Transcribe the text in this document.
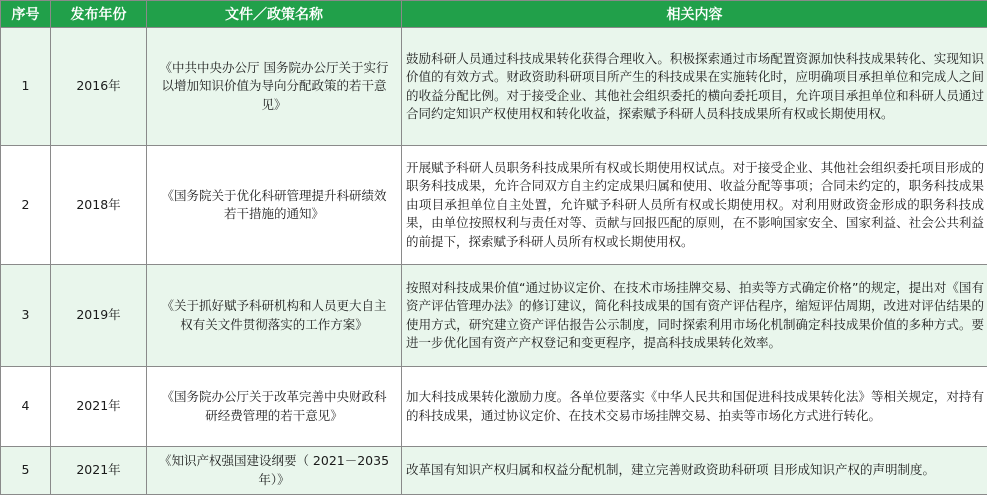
序号	发布年份	文件／政策名称	相关内容
1	2016年	《中共中央办公厅 国务院办公厅关于实行以增加知识价值为导向分配政策的若干意见》	鼓励科研人员通过科技成果转化获得合理收入。积极探索通过市场配置资源加快科技成果转化、实现知识价值的有效方式。财政资助科研项目所产生的科技成果在实施转化时，应明确项目承担单位和完成人之间的收益分配比例。对于接受企业、其他社会组织委托的横向委托项目，允许项目承担单位和科研人员通过合同约定知识产权使用权和转化收益，探索赋予科研人员科技成果所有权或长期使用权。
2	2018年	《国务院关于优化科研管理提升科研绩效若干措施的通知》	开展赋予科研人员职务科技成果所有权或长期使用权试点。对于接受企业、其他社会组织委托项目形成的职务科技成果，允许合同双方自主约定成果归属和使用、收益分配等事项；合同未约定的，职务科技成果由项目承担单位自主处置，允许赋予科研人员所有权或长期使用权。对利用财政资金形成的职务科技成果，由单位按照权利与责任对等、贡献与回报匹配的原则，在不影响国家安全、国家利益、社会公共利益的前提下，探索赋予科研人员所有权或长期使用权。
3	2019年	《关于抓好赋予科研机构和人员更大自主权有关文件贯彻落实的工作方案》	按照对科技成果价值“通过协议定价、在技术市场挂牌交易、拍卖等方式确定价格”的规定，提出对《国有资产评估管理办法》的修订建议，简化科技成果的国有资产评估程序，缩短评估周期，改进对评估结果的使用方式，研究建立资产评估报告公示制度，同时探索利用市场化机制确定科技成果价值的多种方式。要进一步优化国有资产产权登记和变更程序，提高科技成果转化效率。
4	2021年	《国务院办公厅关于改革完善中央财政科研经费管理的若干意见》	加大科技成果转化激励力度。各单位要落实《中华人民共和国促进科技成果转化法》等相关规定，对持有的科技成果，通过协议定价、在技术交易市场挂牌交易、拍卖等市场化方式进行转化。
5	2021年	《知识产权强国建设纲要（ 2021－2035 年）》	改革国有知识产权归属和权益分配机制，建立完善财政资助科研项 目形成知识产权的声明制度。
